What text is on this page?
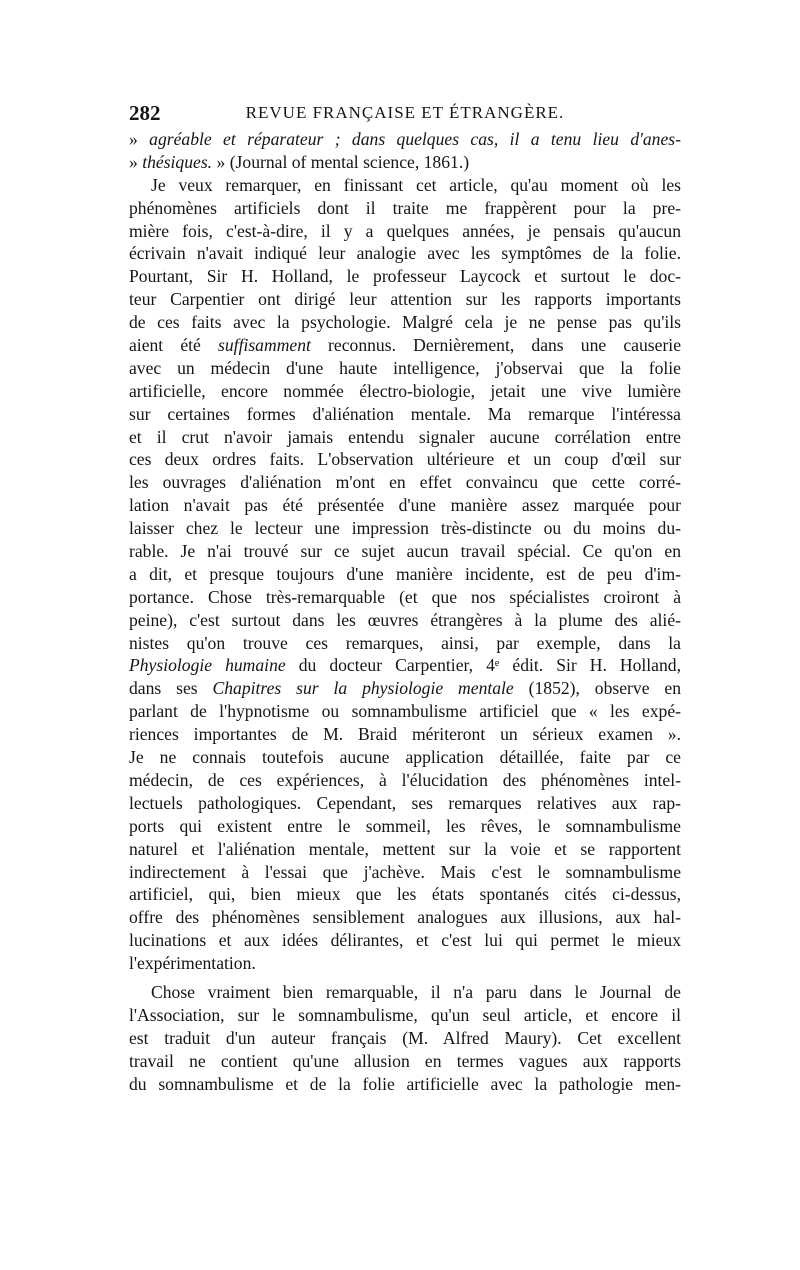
282	REVUE FRANÇAISE ET ÉTRANGÈRE.
» agréable et réparateur ; dans quelques cas, il a tenu lieu d'anes-
» thésiques. » (Journal of mental science, 1861.)
Je veux remarquer, en finissant cet article, qu'au moment où les
phénomènes artificiels dont il traite me frappèrent pour la pre-
mière fois, c'est-à-dire, il y a quelques années, je pensais qu'aucun
écrivain n'avait indiqué leur analogie avec les symptômes de la folie.
Pourtant, Sir H. Holland, le professeur Laycock et surtout le doc-
teur Carpentier ont dirigé leur attention sur les rapports importants
de ces faits avec la psychologie. Malgré cela je ne pense pas qu'ils
aient été suffisamment reconnus. Dernièrement, dans une causerie
avec un médecin d'une haute intelligence, j'observai que la folie
artificielle, encore nommée électro-biologie, jetait une vive lumière
sur certaines formes d'aliénation mentale. Ma remarque l'intéressa
et il crut n'avoir jamais entendu signaler aucune corrélation entre
ces deux ordres faits. L'observation ultérieure et un coup d'œil sur
les ouvrages d'aliénation m'ont en effet convaincu que cette corré-
lation n'avait pas été présentée d'une manière assez marquée pour
laisser chez le lecteur une impression très-distincte ou du moins du-
rable. Je n'ai trouvé sur ce sujet aucun travail spécial. Ce qu'on en
a dit, et presque toujours d'une manière incidente, est de peu d'im-
portance. Chose très-remarquable (et que nos spécialistes croiront à
peine), c'est surtout dans les œuvres étrangères à la plume des alié-
nistes qu'on trouve ces remarques, ainsi, par exemple, dans la
Physiologie humaine du docteur Carpentier, 4ᵉ édit. Sir H. Holland,
dans ses Chapitres sur la physiologie mentale (1852), observe en
parlant de l'hypnotisme ou somnambulisme artificiel que « les expé-
riences importantes de M. Braid mériteront un sérieux examen ».
Je ne connais toutefois aucune application détaillée, faite par ce
médecin, de ces expériences, à l'élucidation des phénomènes intel-
lectuels pathologiques. Cependant, ses remarques relatives aux rap-
ports qui existent entre le sommeil, les rêves, le somnambulisme
naturel et l'aliénation mentale, mettent sur la voie et se rapportent
indirectement à l'essai que j'achève. Mais c'est le somnambulisme
artificiel, qui, bien mieux que les états spontanés cités ci-dessus,
offre des phénomènes sensiblement analogues aux illusions, aux hal-
lucinations et aux idées délirantes, et c'est lui qui permet le mieux
l'expérimentation.
Chose vraiment bien remarquable, il n'a paru dans le Journal de
l'Association, sur le somnambulisme, qu'un seul article, et encore il
est traduit d'un auteur français (M. Alfred Maury). Cet excellent
travail ne contient qu'une allusion en termes vagues aux rapports
du somnambulisme et de la folie artificielle avec la pathologie men-
